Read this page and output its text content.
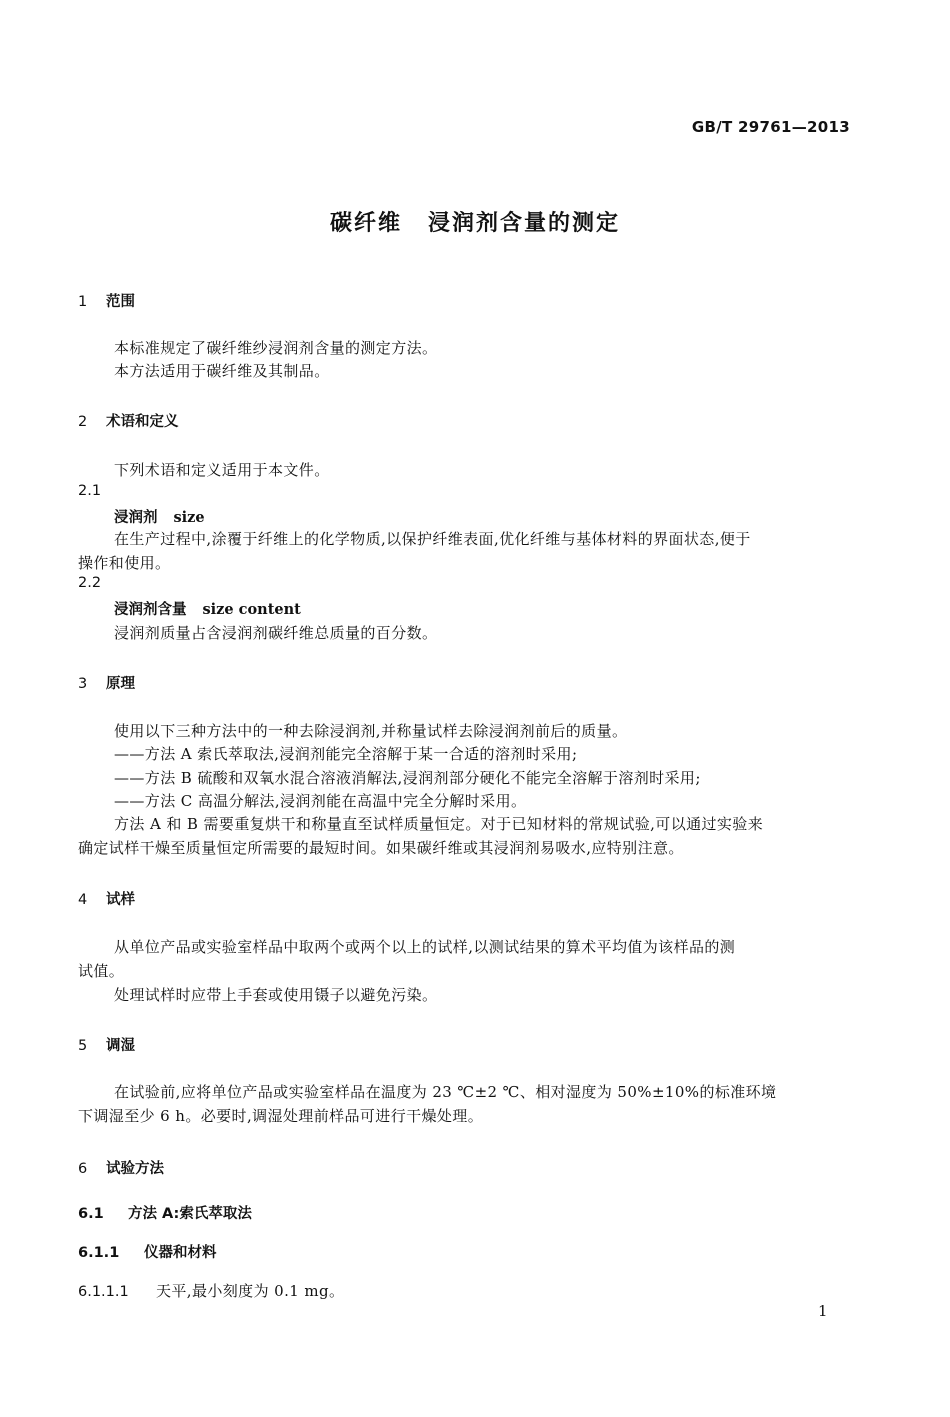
GB/T 29761—2013
碳纤维 浸润剂含量的测定
1 范围
本标准规定了碳纤维纱浸润剂含量的测定方法。
本方法适用于碳纤维及其制品。
2 术语和定义
下列术语和定义适用于本文件。
2.1
浸润剂 size
在生产过程中,涂覆于纤维上的化学物质,以保护纤维表面,优化纤维与基体材料的界面状态,便于
操作和使用。
2.2
浸润剂含量 size content
浸润剂质量占含浸润剂碳纤维总质量的百分数。
3 原理
使用以下三种方法中的一种去除浸润剂,并称量试样去除浸润剂前后的质量。
——方法 A 索氏萃取法,浸润剂能完全溶解于某一合适的溶剂时采用;
——方法 B 硫酸和双氧水混合溶液消解法,浸润剂部分硬化不能完全溶解于溶剂时采用;
——方法 C 高温分解法,浸润剂能在高温中完全分解时采用。
方法 A 和 B 需要重复烘干和称量直至试样质量恒定。对于已知材料的常规试验,可以通过实验来
确定试样干燥至质量恒定所需要的最短时间。如果碳纤维或其浸润剂易吸水,应特别注意。
4 试样
从单位产品或实验室样品中取两个或两个以上的试样,以测试结果的算术平均值为该样品的测
试值。
处理试样时应带上手套或使用镊子以避免污染。
5 调湿
在试验前,应将单位产品或实验室样品在温度为 23 ℃±2 ℃、相对湿度为 50%±10%的标准环境
下调湿至少 6 h。必要时,调湿处理前样品可进行干燥处理。
6 试验方法
6.1 方法 A:索氏萃取法
6.1.1 仪器和材料
6.1.1.1 天平,最小刻度为 0.1 mg。
1
